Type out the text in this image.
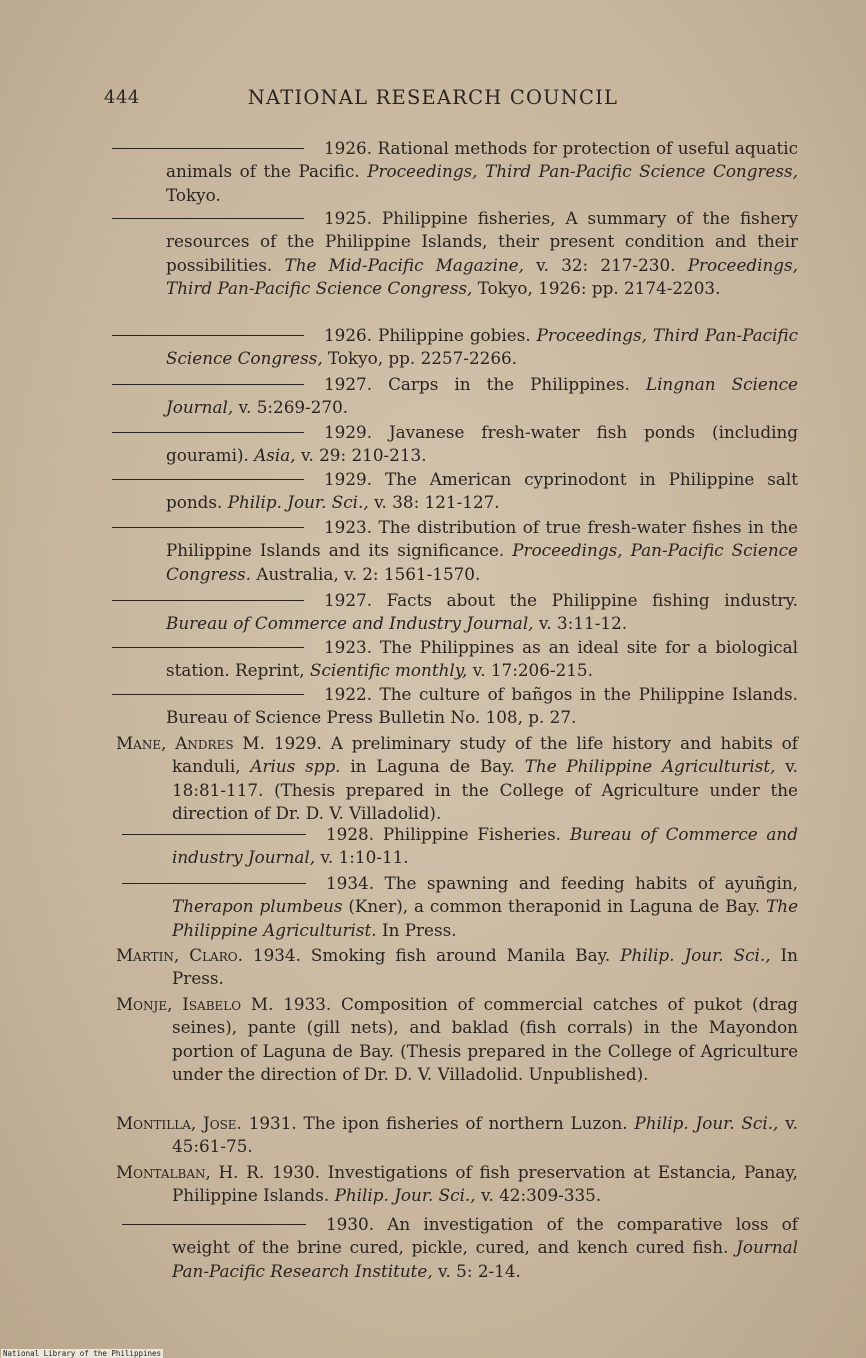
444	NATIONAL RESEARCH COUNCIL

1926. Rational methods for protection of useful aquatic animals of the Pacific. Proceedings, Third Pan-Pacific Science Congress, Tokyo.

1925. Philippine fisheries, A summary of the fishery resources of the Philippine Islands, their present condition and their possibilities. The Mid-Pacific Magazine, v. 32: 217-230. Proceedings, Third Pan-Pacific Science Congress, Tokyo, 1926: pp. 2174-2203.

1926. Philippine gobies. Proceedings, Third Pan-Pacific Science Congress, Tokyo, pp. 2257-2266.

1927. Carps in the Philippines. Lingnan Science Journal, v. 5:269-270.

1929. Javanese fresh-water fish ponds (including gourami). Asia, v. 29: 210-213.

1929. The American cyprinodont in Philippine salt ponds. Philip. Jour. Sci., v. 38: 121-127.

1923. The distribution of true fresh-water fishes in the Philippine Islands and its significance. Proceedings, Pan-Pacific Science Congress. Australia, v. 2: 1561-1570.

1927. Facts about the Philippine fishing industry. Bureau of Commerce and Industry Journal, v. 3:11-12.

1923. The Philippines as an ideal site for a biological station. Reprint, Scientific monthly, v. 17:206-215.

1922. The culture of bañgos in the Philippine Islands. Bureau of Science Press Bulletin No. 108, p. 27.

Mane, Andres M. 1929. A preliminary study of the life history and habits of kanduli, Arius spp. in Laguna de Bay. The Philippine Agriculturist, v. 18:81-117. (Thesis prepared in the College of Agriculture under the direction of Dr. D. V. Villadolid).

1928. Philippine Fisheries. Bureau of Commerce and industry Journal, v. 1:10-11.

1934. The spawning and feeding habits of ayuñgin, Therapon plumbeus (Kner), a common theraponid in Laguna de Bay. The Philippine Agriculturist. In Press.

Martin, Claro. 1934. Smoking fish around Manila Bay. Philip. Jour. Sci., In Press.

Monje, Isabelo M. 1933. Composition of commercial catches of pukot (drag seines), pante (gill nets), and baklad (fish corrals) in the Mayondon portion of Laguna de Bay. (Thesis prepared in the College of Agriculture under the direction of Dr. D. V. Villadolid. Unpublished).

Montilla, Jose. 1931. The ipon fisheries of northern Luzon. Philip. Jour. Sci., v. 45:61-75.

Montalban, H. R. 1930. Investigations of fish preservation at Estancia, Panay, Philippine Islands. Philip. Jour. Sci., v. 42:309-335.

1930. An investigation of the comparative loss of weight of the brine cured, pickle, cured, and kench cured fish. Journal Pan-Pacific Research Institute, v. 5: 2-14.

National Library of the Philippines
